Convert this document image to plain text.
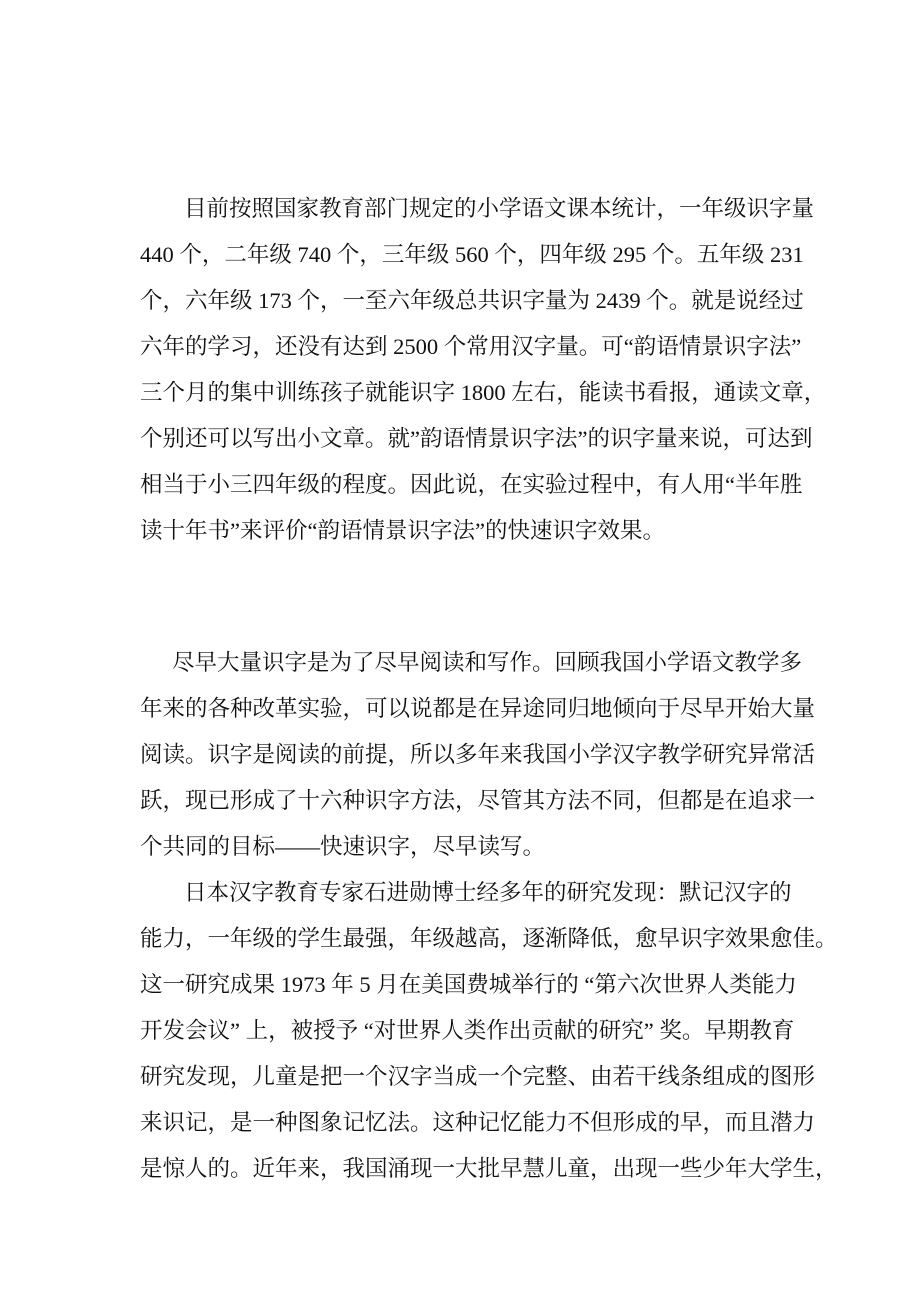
目前按照国家教育部门规定的小学语文课本统计，一年级识字量
440 个，二年级 740 个，三年级 560 个，四年级 295 个。五年级 231
个，六年级 173 个，一至六年级总共识字量为 2439 个。就是说经过
六年的学习，还没有达到 2500 个常用汉字量。可“韵语情景识字法”
三个月的集中训练孩子就能识字 1800 左右，能读书看报，通读文章，
个别还可以写出小文章。就”韵语情景识字法”的识字量来说，可达到
相当于小三四年级的程度。因此说，在实验过程中，有人用“半年胜
读十年书”来评价“韵语情景识字法”的快速识字效果。
尽早大量识字是为了尽早阅读和写作。回顾我国小学语文教学多
年来的各种改革实验，可以说都是在异途同归地倾向于尽早开始大量
阅读。识字是阅读的前提，所以多年来我国小学汉字教学研究异常活
跃，现已形成了十六种识字方法，尽管其方法不同，但都是在追求一
个共同的目标——快速识字，尽早读写。
日本汉字教育专家石进勋博士经多年的研究发现：默记汉字的
能力，一年级的学生最强，年级越高，逐渐降低，愈早识字效果愈佳。
这一研究成果 1973 年 5 月在美国费城举行的 “第六次世界人类能力
开发会议” 上，被授予 “对世界人类作出贡献的研究” 奖。早期教育
研究发现，儿童是把一个汉字当成一个完整、由若干线条组成的图形
来识记，是一种图象记忆法。这种记忆能力不但形成的早，而且潜力
是惊人的。近年来，我国涌现一大批早慧儿童，出现一些少年大学生，
